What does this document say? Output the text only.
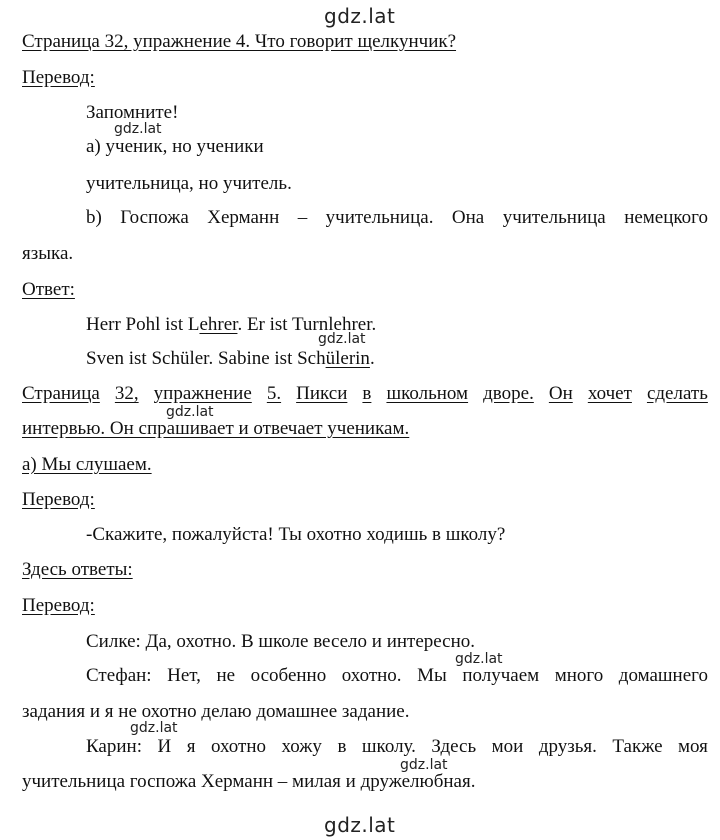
gdz.lat
gdz.lat
gdz.lat
gdz.lat
gdz.lat
gdz.lat
gdz.lat
gdz.lat
Страница 32, упражнение 4. Что говорит щелкунчик?
Перевод:
Запомните!
a) ученик, но ученики
учительница, но учитель.
b) Госпожа Херманн – учительница. Она учительница немецкого
языка.
Ответ:
Herr Pohl ist Lehrer. Er ist Turnlehrer.
Sven ist Schüler. Sabine ist Schülerin.
Страница 32, упражнение 5. Пикси в школьном дворе. Он хочет сделать
интервью. Он спрашивает и отвечает ученикам.
а) Мы слушаем.
Перевод:
-Скажите, пожалуйста! Ты охотно ходишь в школу?
Здесь ответы:
Перевод:
Силке: Да, охотно. В школе весело и интересно.
Стефан: Нет, не особенно охотно. Мы получаем много домашнего
задания и я не охотно делаю домашнее задание.
Карин: И я охотно хожу в школу. Здесь мои друзья. Также моя
учительница госпожа Херманн – милая и дружелюбная.
